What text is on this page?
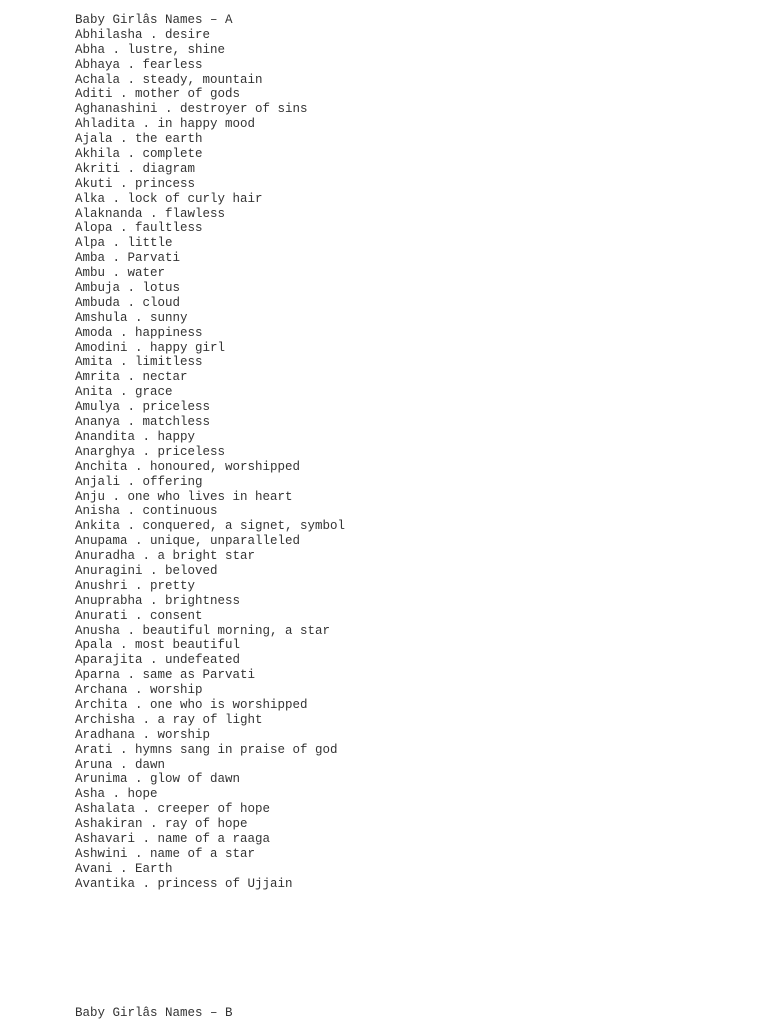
Baby Girlâs Names – A
Abhilasha . desire
Abha . lustre, shine
Abhaya . fearless
Achala . steady, mountain
Aditi . mother of gods
Aghanashini . destroyer of sins
Ahladita . in happy mood
Ajala . the earth
Akhila . complete
Akriti . diagram
Akuti . princess
Alka . lock of curly hair
Alaknanda . flawless
Alopa . faultless
Alpa . little
Amba . Parvati
Ambu . water
Ambuja . lotus
Ambuda . cloud
Amshula . sunny
Amoda . happiness
Amodini . happy girl
Amita . limitless
Amrita . nectar
Anita . grace
Amulya . priceless
Ananya . matchless
Anandita . happy
Anarghya . priceless
Anchita . honoured, worshipped
Anjali . offering
Anju . one who lives in heart
Anisha . continuous
Ankita . conquered, a signet, symbol
Anupama . unique, unparalleled
Anuradha . a bright star
Anuragini . beloved
Anushri . pretty
Anuprabha . brightness
Anurati . consent
Anusha . beautiful morning, a star
Apala . most beautiful
Aparajita . undefeated
Aparna . same as Parvati
Archana . worship
Archita . one who is worshipped
Archisha . a ray of light
Aradhana . worship
Arati . hymns sang in praise of god
Aruna . dawn
Arunima . glow of dawn
Asha . hope
Ashalata . creeper of hope
Ashakiran . ray of hope
Ashavari . name of a raaga
Ashwini . name of a star
Avani . Earth
Avantika . princess of Ujjain
Baby Girlâs Names – B
